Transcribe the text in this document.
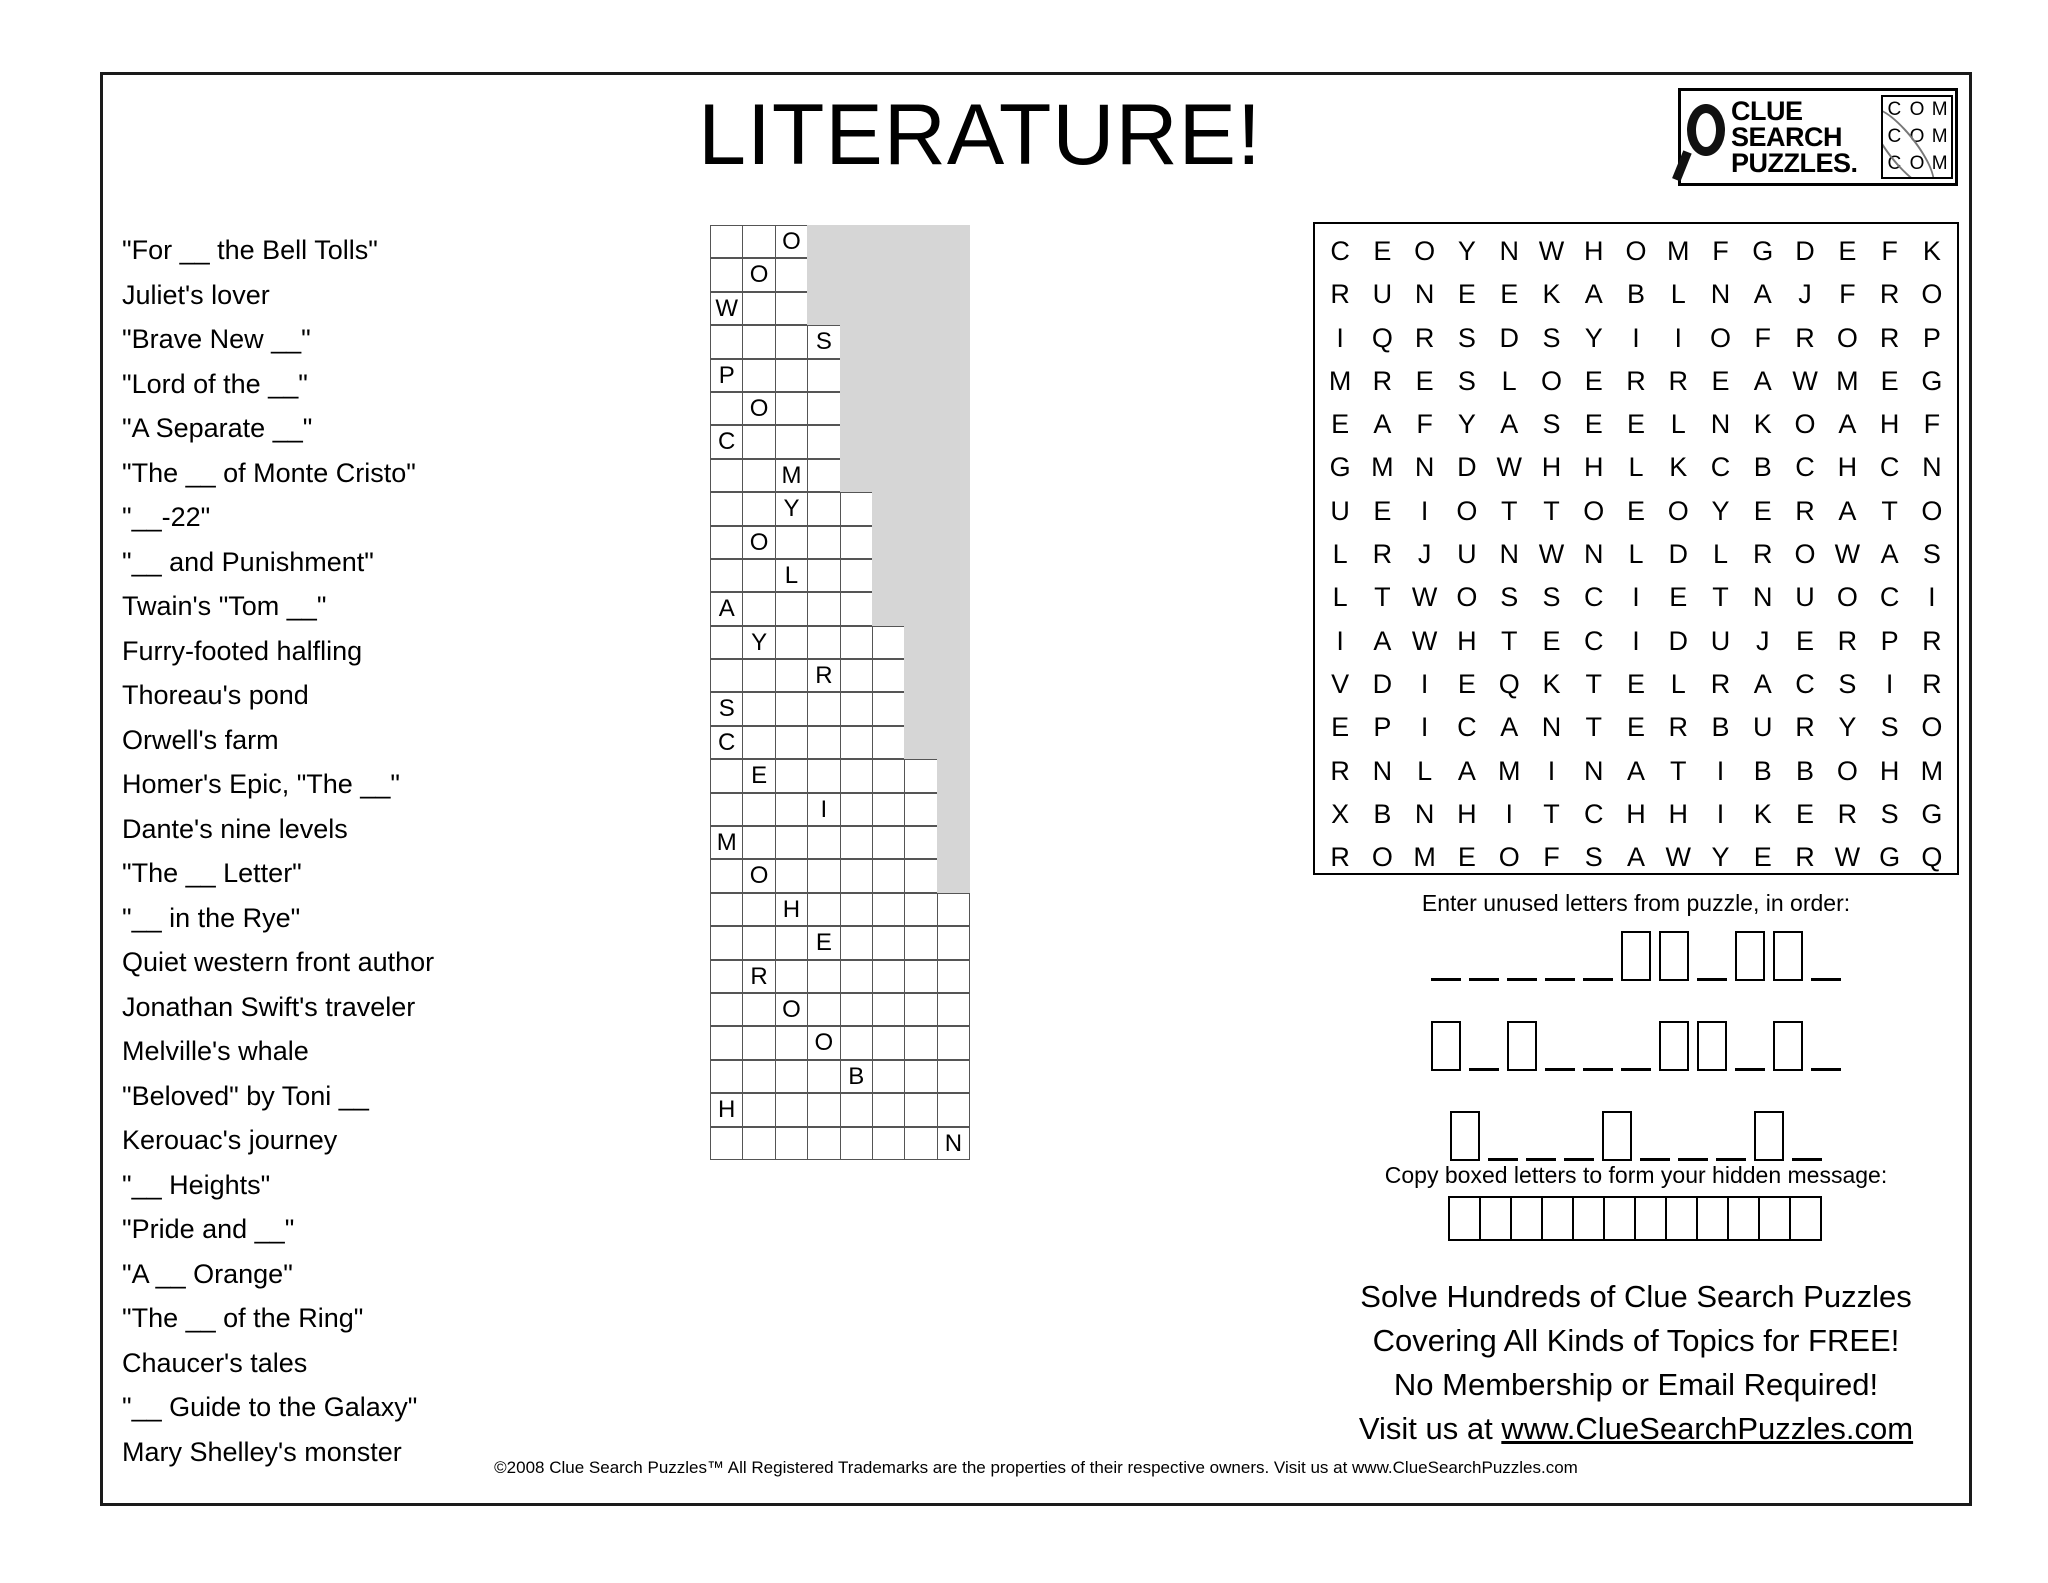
LITERATURE!	CLUE
SEARCH
PUZZLES.
C O M
C O M
C O M
"For __ the Bell Tolls"
Juliet's lover
"Brave New __"
"Lord of the __"
"A Separate __"
"The __ of Monte Cristo"
"__-22"
"__ and Punishment"
Twain's "Tom __"
Furry-footed halfling
Thoreau's pond
Orwell's farm
Homer's Epic, "The __"
Dante's nine levels
"The __ Letter"
"__ in the Rye"
Quiet western front author
Jonathan Swift's traveler
Melville's whale
"Beloved" by Toni __
Kerouac's journey
"__ Heights"
"Pride and __"
"A __ Orange"
"The __ of the Ring"
Chaucer's tales
"__ Guide to the Galaxy"
Mary Shelley's monster
O
O
W
S
P
O
C
M
Y
O
L
A
Y
R
S
C
E
I
M
O
H
E
R
O
O
B
H
N
C E O Y N W H O M F G D E F K
R U N E E K A B L N A J	F R O
I	Q R S D S Y	I	I	O F R O R P
M R E S L O E R R E A W M E G
E A F Y A S E E L N K O A H F
G M N D W H H L K C B C H C N
U E	I	O T T O E O Y E R A T O
L R J U N W N L D L R O W A S
L T W O S S C	I	E T N U O C	I
I	A W H T E C	I	D U J E R P R
V D	I	E Q K T E L R A C S	I	R
E P	I	C A N T E R B U R Y S O
R N L A M	I	N A T	I	B B O H M
X B N H	I	T C H H	I	K E R S G
R O M E O F S A W Y E R W G Q
Enter unused letters from puzzle, in order:
Copy boxed letters to form your hidden message:
Solve Hundreds of Clue Search Puzzles
Covering All Kinds of Topics for FREE!
No Membership or Email Required!
Visit us at www.ClueSearchPuzzles.com
©2008 Clue Search Puzzles™ All Registered Trademarks are the properties of their respective owners. Visit us at www.ClueSearchPuzzles.com
